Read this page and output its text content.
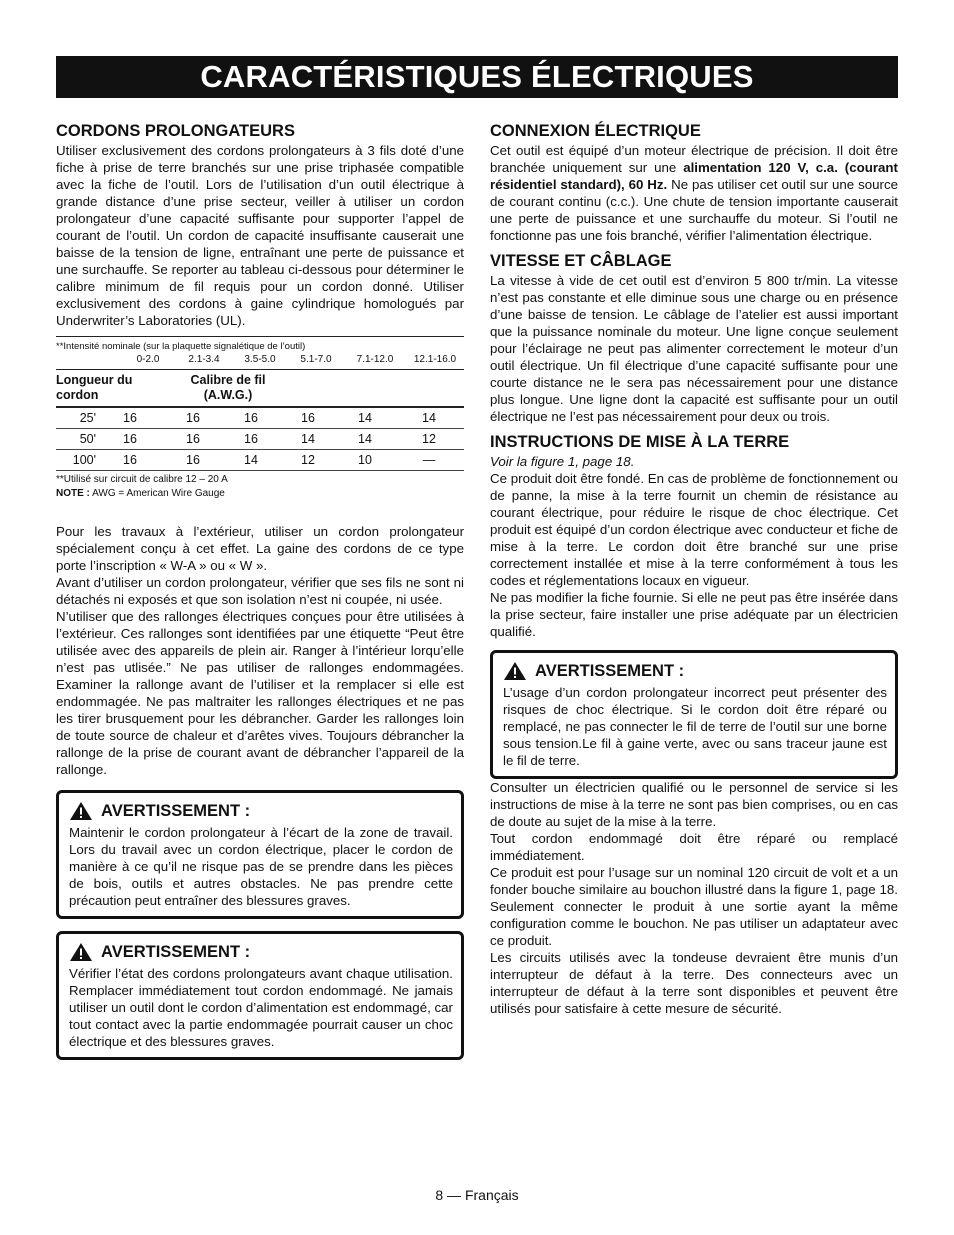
CARACTÉRISTIQUES ÉLECTRIQUES
CORDONS PROLONGATEURS

Utiliser exclusivement des cordons prolongateurs à 3 fils doté d’une fiche à prise de terre branchés sur une prise triphasée compatible avec la fiche de l’outil. Lors de l’utilisation d’un outil électrique à grande distance d’une prise secteur, veiller à utiliser un cordon prolongateur d’une capacité suffisante pour supporter l’appel de courant de l’outil. Un cordon de capacité insuffisante causerait une baisse de la tension de ligne, entraînant une perte de puissance et une surchauffe. Se reporter au tableau ci-dessous pour déterminer le calibre minimum de fil requis pour un cordon donné. Utiliser exclusivement des cordons à gaine cylindrique homologués par Underwriter’s Laboratories (UL).

**Intensité nominale (sur la plaquette signalétique de l’outil)
0-2.0	2.1-3.4	3.5-5.0	5.1-7.0	7.1-12.0	12.1-16.0
Longueur du cordon
Calibre de fil (A.W.G.)
25'	16	16	16	16	14	14
50'	16	16	16	14	14	12
100'	16	16	14	12	10	—
**Utilisé sur circuit de calibre 12 – 20 A
NOTE : AWG = American Wire Gauge

Pour les travaux à l’extérieur, utiliser un cordon prolongateur spécialement conçu à cet effet. La gaine des cordons de ce type porte l’inscription « W-A » ou « W ».

Avant d’utiliser un cordon prolongateur, vérifier que ses fils ne sont ni détachés ni exposés et que son isolation n’est ni coupée, ni usée.

N’utiliser que des rallonges électriques conçues pour être utilisées à l’extérieur. Ces rallonges sont identifiées par une étiquette “Peut être utilisée avec des appareils de plein air. Ranger à l’intérieur lorqu’elle n’est pas utlisée.” Ne pas utiliser de rallonges endommagées. Examiner la rallonge avant de l’utiliser et la remplacer si elle est endommagée. Ne pas maltraiter les rallonges électriques et ne pas les tirer brusquement pour les débrancher. Garder les rallonges loin de toute source de chaleur et d’arêtes vives. Toujours débrancher la rallonge de la prise de courant avant de débrancher l’appareil de la rallonge.

AVERTISSEMENT :

Maintenir le cordon prolongateur à l’écart de la zone de travail. Lors du travail avec un cordon électrique, placer le cordon de manière à ce qu’il ne risque pas de se prendre dans les pièces de bois, outils et autres obstacles. Ne pas prendre cette précaution peut entraîner des blessures graves.

AVERTISSEMENT :

Vérifier l’état des cordons prolongateurs avant chaque utilisation. Remplacer immédiatement tout cordon endommagé. Ne jamais utiliser un outil dont le cordon d’alimentation est endommagé, car tout contact avec la partie endommagée pourrait causer un choc électrique et des blessures graves.

CONNEXION ÉLECTRIQUE

Cet outil est équipé d’un moteur électrique de précision. Il doit être branchée uniquement sur une alimentation 120 V, c.a. (courant résidentiel standard), 60 Hz. Ne pas utiliser cet outil sur une source de courant continu (c.c.). Une chute de tension importante causerait une perte de puissance et une surchauffe du moteur. Si l’outil ne fonctionne pas une fois branché, vérifier l’alimentation électrique.

VITESSE ET CÂBLAGE

La vitesse à vide de cet outil est d’environ 5 800 tr/min. La vitesse n’est pas constante et elle diminue sous une charge ou en présence d’une baisse de tension. Le câblage de l’atelier est aussi important que la puissance nominale du moteur. Une ligne conçue seulement pour l’éclairage ne peut pas alimenter correctement le moteur d’un outil électrique. Un fil électrique d’une capacité suffisante pour une courte distance ne le sera pas nécessairement pour une distance plus longue. Une ligne dont la capacité est suffisante pour un outil électrique ne l’est pas nécessairement pour deux ou trois.

INSTRUCTIONS DE MISE À LA TERRE

Voir la figure 1, page 18.

Ce produit doit être fondé. En cas de problème de fonctionnement ou de panne, la mise à la terre fournit un chemin de résistance au courant électrique, pour réduire le risque de choc électrique. Cet produit est équipé d’un cordon électrique avec conducteur et fiche de mise à la terre. Le cordon doit être branché sur une prise correctement installée et mise à la terre conformément à tous les codes et réglementations locaux en vigueur.

Ne pas modifier la fiche fournie. Si elle ne peut pas être insérée dans la prise secteur, faire installer une prise adéquate par un électricien qualifié.

AVERTISSEMENT :

L’usage d’un cordon prolongateur incorrect peut présenter des risques de choc électrique. Si le cordon doit être réparé ou remplacé, ne pas connecter le fil de terre de l’outil sur une borne sous tension.Le fil à gaine verte, avec ou sans traceur jaune est le fil de terre.

Consulter un électricien qualifié ou le personnel de service si les instructions de mise à la terre ne sont pas bien comprises, ou en cas de doute au sujet de la mise à la terre.

Tout cordon endommagé doit être réparé ou remplacé immédiatement.

Ce produit est pour l’usage sur un nominal 120 circuit de volt et a un fonder bouche similaire au bouchon illustré dans la figure 1, page 18. Seulement connecter le produit à une sortie ayant la même configuration comme le bouchon. Ne pas utiliser un adaptateur avec ce produit.

Les circuits utilisés avec la tondeuse devraient être munis d’un interrupteur de défaut à la terre. Des connecteurs avec un interrupteur de défaut à la terre sont disponibles et peuvent être utilisés pour satisfaire à cette mesure de sécurité.

8 — Français
